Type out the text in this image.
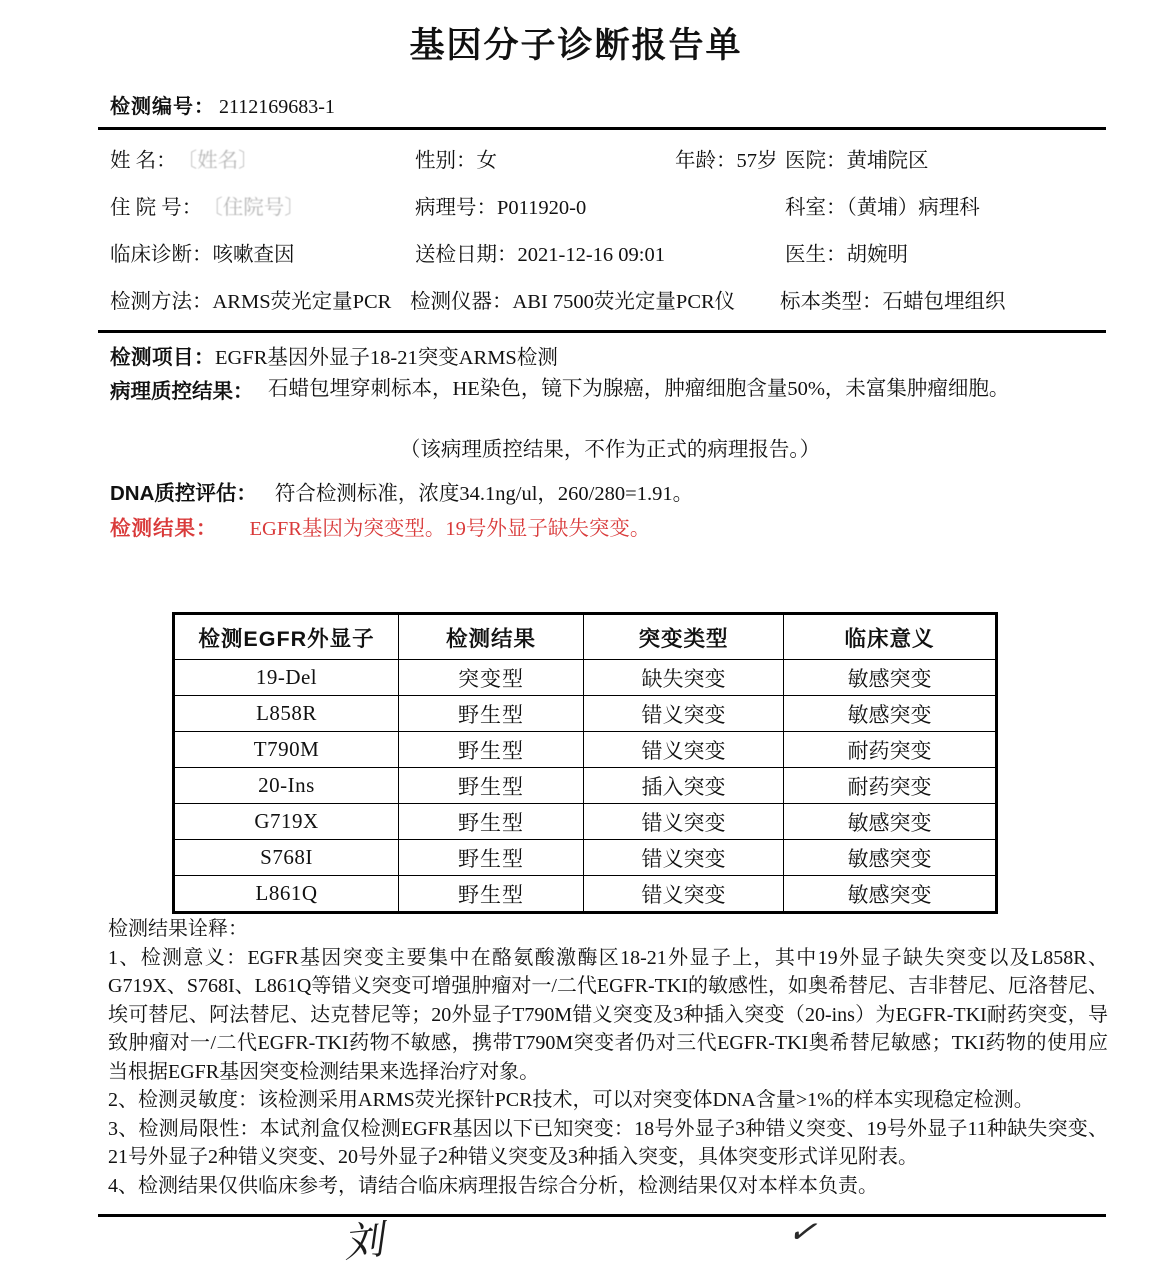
基因分子诊断报告单
检测编号： 2112169683-1
姓 名：〔姓名〕	性别：女	年龄：57岁 医院：黄埔院区
住 院 号：〔住院号〕	病理号：P011920-0	科室：（黄埔）病理科
临床诊断：咳嗽查因	送检日期：2021-12-16 09:01	医生：胡婉明
检测方法：ARMS荧光定量PCR 检测仪器：ABI 7500荧光定量PCR仪 标本类型：石蜡包埋组织
检测项目：EGFR基因外显子18-21突变ARMS检测
病理质控结果： 石蜡包埋穿刺标本，HE染色，镜下为腺癌，肿瘤细胞含量50%，未富集肿瘤细胞。
（该病理质控结果，不作为正式的病理报告。）
DNA质控评估： 符合检测标准，浓度34.1ng/ul，260/280=1.91。
检测结果： EGFR基因为突变型。19号外显子缺失突变。
检测EGFR外显子	检测结果	突变类型	临床意义
19-Del	突变型	缺失突变	敏感突变
L858R	野生型	错义突变	敏感突变
T790M	野生型	错义突变	耐药突变
20-Ins	野生型	插入突变	耐药突变
G719X	野生型	错义突变	敏感突变
S768I	野生型	错义突变	敏感突变
L861Q	野生型	错义突变	敏感突变

检测结果诠释：

1、检测意义：EGFR基因突变主要集中在酪氨酸激酶区18-21外显子上，其中19外显子缺失突变以及L858R、G719X、S768I、L861Q等错义突变可增强肿瘤对一/二代EGFR-TKI的敏感性，如奥希替尼、吉非替尼、厄洛替尼、埃可替尼、阿法替尼、达克替尼等；20外显子T790M错义突变及3种插入突变（20-ins）为EGFR-TKI耐药突变，导致肿瘤对一/二代EGFR-TKI药物不敏感，携带T790M突变者仍对三代EGFR-TKI奥希替尼敏感；TKI药物的使用应当根据EGFR基因突变检测结果来选择治疗对象。

2、检测灵敏度：该检测采用ARMS荧光探针PCR技术，可以对突变体DNA含量>1%的样本实现稳定检测。

3、检测局限性：本试剂盒仅检测EGFR基因以下已知突变：18号外显子3种错义突变、19号外显子11种缺失突变、21号外显子2种错义突变、20号外显子2种错义突变及3种插入突变，具体突变形式详见附表。

4、检测结果仅供临床参考，请结合临床病理报告综合分析，检测结果仅对本样本负责。

刘	✓
